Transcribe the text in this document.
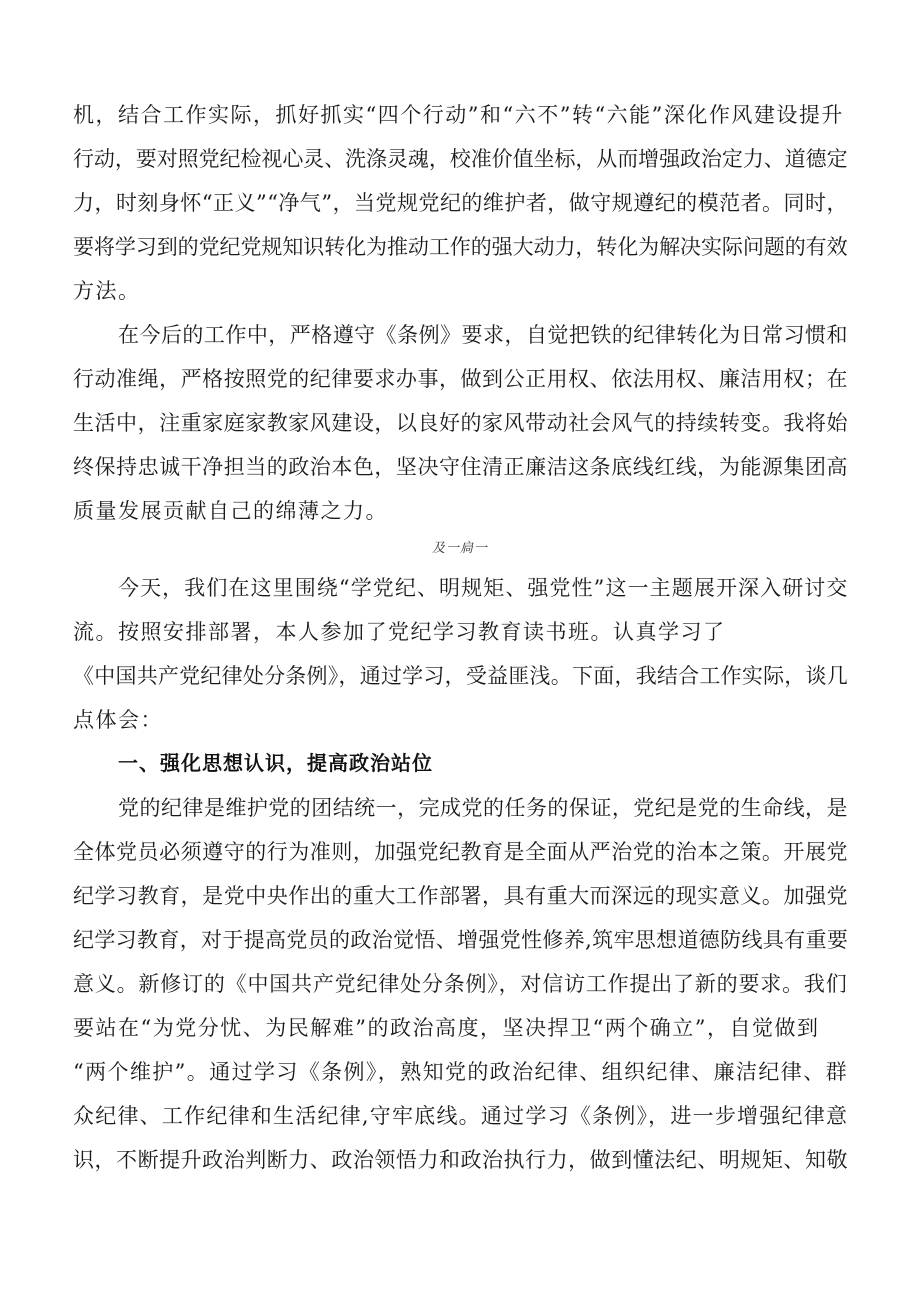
机，结合工作实际，抓好抓实“四个行动”和“六不”转“六能”深化作风建设提升
行动，要对照党纪检视心灵、洗涤灵魂，校准价值坐标，从而增强政治定力、道德定
力，时刻身怀“正义”“净气”，当党规党纪的维护者，做守规遵纪的模范者。同时，
要将学习到的党纪党规知识转化为推动工作的强大动力，转化为解决实际问题的有效
方法。
在今后的工作中，严格遵守《条例》要求，自觉把铁的纪律转化为日常习惯和
行动准绳，严格按照党的纪律要求办事，做到公正用权、依法用权、廉洁用权；在
生活中，注重家庭家教家风建设，以良好的家风带动社会风气的持续转变。我将始
终保持忠诚干净担当的政治本色，坚决守住清正廉洁这条底线红线，为能源集团高
质量发展贡献自己的绵薄之力。
及一扃一
今天，我们在这里围绕“学党纪、明规矩、强党性”这一主题展开深入研讨交
流。按照安排部署，本人参加了党纪学习教育读书班。认真学习了
《中国共产党纪律处分条例》，通过学习，受益匪浅。下面，我结合工作实际，谈几
点体会：
一、强化思想认识，提高政治站位
党的纪律是维护党的团结统一，完成党的任务的保证，党纪是党的生命线，是
全体党员必须遵守的行为准则，加强党纪教育是全面从严治党的治本之策。开展党
纪学习教育，是党中央作出的重大工作部署，具有重大而深远的现实意义。加强党
纪学习教育，对于提高党员的政治觉悟、增强党性修养,筑牢思想道德防线具有重要
意义。新修订的《中国共产党纪律处分条例》，对信访工作提出了新的要求。我们
要站在“为党分忧、为民解难”的政治高度，坚决捍卫“两个确立”，自觉做到
“两个维护”。通过学习《条例》，熟知党的政治纪律、组织纪律、廉洁纪律、群
众纪律、工作纪律和生活纪律,守牢底线。通过学习《条例》，进一步增强纪律意
识，不断提升政治判断力、政治领悟力和政治执行力，做到懂法纪、明规矩、知敬
